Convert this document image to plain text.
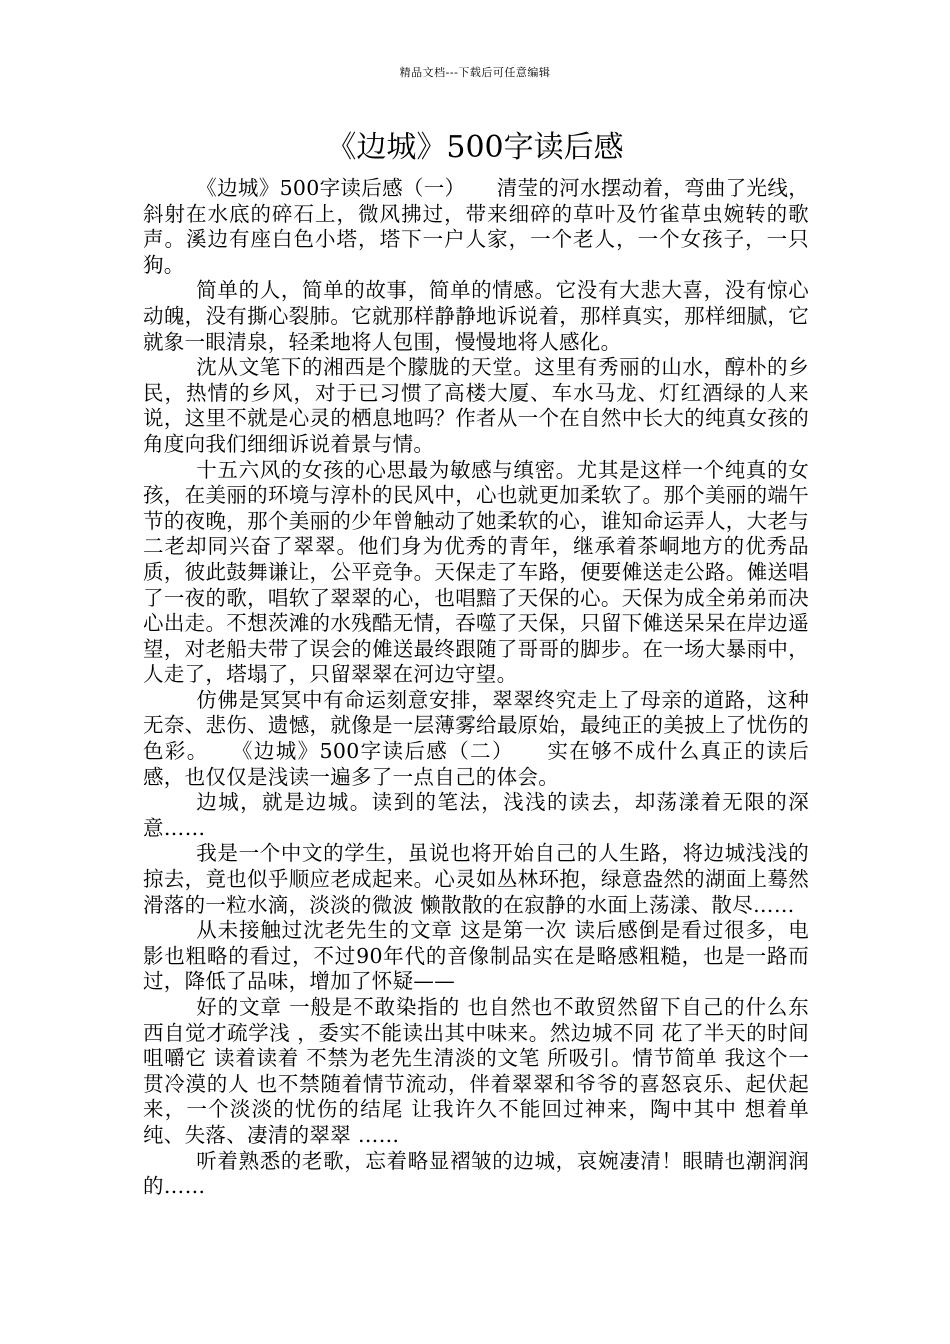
精品文档---下载后可任意编辑
《边城》500字读后感

《边城》500字读后感（一）　　清莹的河水摆动着，弯曲了光线，斜射在水底的碎石上，微风拂过，带来细碎的草叶及竹雀草虫婉转的歌声。溪边有座白色小塔，塔下一户人家，一个老人，一个女孩子，一只狗。

简单的人，简单的故事，简单的情感。它没有大悲大喜，没有惊心动魄，没有撕心裂肺。它就那样静静地诉说着，那样真实，那样细腻，它就象一眼清泉，轻柔地将人包围，慢慢地将人感化。

沈从文笔下的湘西是个朦胧的天堂。这里有秀丽的山水，醇朴的乡民，热情的乡风，对于已习惯了高楼大厦、车水马龙、灯红酒绿的人来说，这里不就是心灵的栖息地吗？作者从一个在自然中长大的纯真女孩的角度向我们细细诉说着景与情。

十五六风的女孩的心思最为敏感与缜密。尤其是这样一个纯真的女孩，在美丽的环境与淳朴的民风中，心也就更加柔软了。那个美丽的端午节的夜晚，那个美丽的少年曾触动了她柔软的心，谁知命运弄人，大老与二老却同兴奋了翠翠。他们身为优秀的青年，继承着茶峒地方的优秀品质，彼此鼓舞谦让，公平竞争。天保走了车路，便要傩送走公路。傩送唱了一夜的歌，唱软了翠翠的心，也唱黯了天保的心。天保为成全弟弟而决心出走。不想茨滩的水残酷无情，吞噬了天保，只留下傩送呆呆在岸边遥望，对老船夫带了误会的傩送最终跟随了哥哥的脚步。在一场大暴雨中，人走了，塔塌了，只留翠翠在河边守望。

仿佛是冥冥中有命运刻意安排，翠翠终究走上了母亲的道路，这种无奈、悲伤、遗憾，就像是一层薄雾给最原始，最纯正的美披上了忧伤的色彩。　　《边城》500字读后感（二）　　实在够不成什么真正的读后感，也仅仅是浅读一遍多了一点自己的体会。

边城，就是边城。读到的笔法，浅浅的读去，却荡漾着无限的深意……

我是一个中文的学生，虽说也将开始自己的人生路，将边城浅浅的掠去，竟也似乎顺应老成起来。心灵如丛林环抱，绿意盎然的湖面上蓦然滑落的一粒水滴，淡淡的微波 懒散散的在寂静的水面上荡漾、散尽……

从未接触过沈老先生的文章 这是第一次 读后感倒是看过很多，电影也粗略的看过，不过90年代的音像制品实在是略感粗糙，也是一路而过，降低了品味，增加了怀疑——

好的文章 一般是不敢染指的 也自然也不敢贸然留下自己的什么东西自觉才疏学浅 ，委实不能读出其中味来。然边城不同 花了半天的时间咀嚼它 读着读着 不禁为老先生清淡的文笔 所吸引。情节简单 我这个一贯冷漠的人 也不禁随着情节流动，伴着翠翠和爷爷的喜怒哀乐、起伏起来，一个淡淡的忧伤的结尾 让我许久不能回过神来，陶中其中 想着单纯、失落、凄清的翠翠 ……

听着熟悉的老歌，忘着略显褶皱的边城，哀婉凄清！眼睛也潮润润的……
